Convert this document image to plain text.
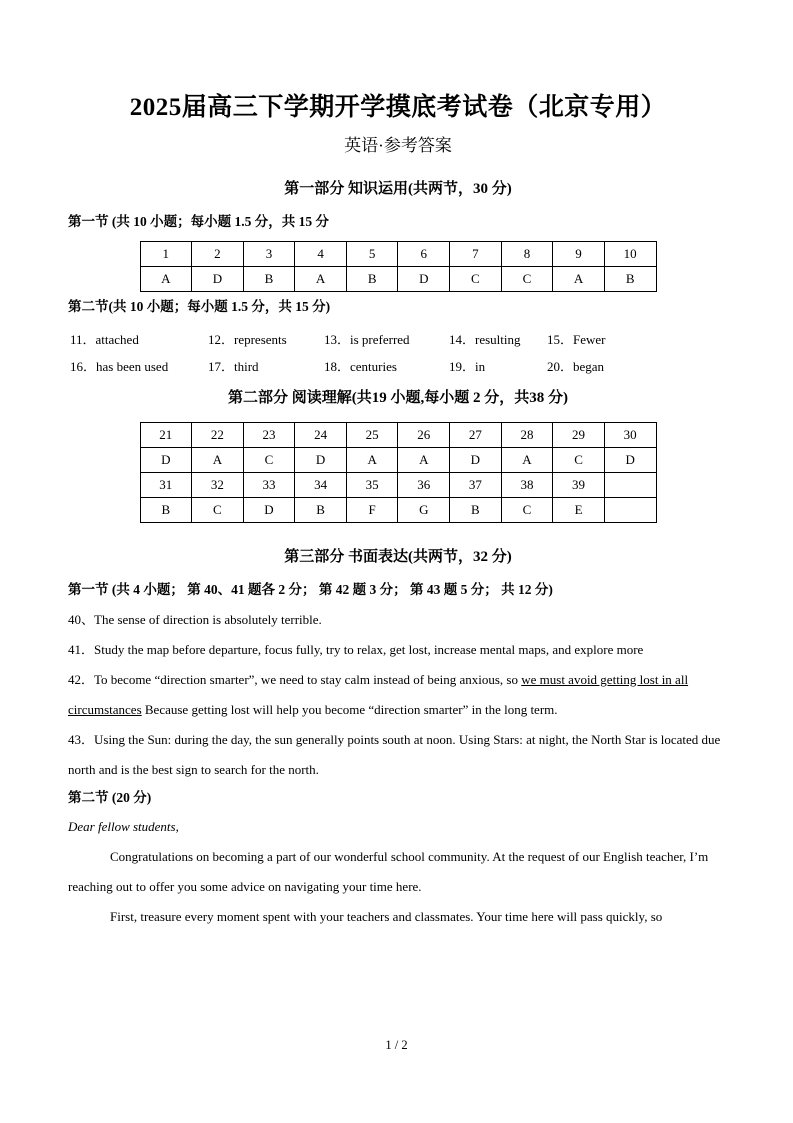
2025届高三下学期开学摸底考试卷（北京专用）
英语·参考答案
第一部分 知识运用(共两节，30 分)
第一节 (共 10 小题；每小题 1.5 分，共 15 分
1	2	3	4	5	6	7	8	9	10
A	D	B	A	B	D	C	C	A	B
第二节(共 10 小题；每小题 1.5 分，共 15 分)
11．attached	12．represents	13．is preferred	14．resulting 15．Fewer
16．has been used	17．third	18．centuries	19．in	20．began
第二部分 阅读理解(共19 小题,每小题 2 分，共38 分)
21	22	23	24	25	26	27	28	29	30
D	A	C	D	A	A	D	A	C	D
31	32	33	34	35	36	37	38	39	
B	C	D	B	F	G	B	C	E	
第三部分 书面表达(共两节，32 分)
第一节 (共 4 小题； 第 40、41 题各 2 分； 第 42 题 3 分； 第 43 题 5 分； 共 12 分)

40、The sense of direction is absolutely terrible.

41．Study the map before departure, focus fully, try to relax, get lost, increase mental maps, and explore more

42．To become “direction smarter”, we need to stay calm instead of being anxious, so we must avoid getting lost in all circumstances Because getting lost will help you become “direction smarter” in the long term.

43．Using the Sun: during the day, the sun generally points south at noon. Using Stars: at night, the North Star is located due north and is the best sign to search for the north.

第二节 (20 分)

Dear fellow students,

Congratulations on becoming a part of our wonderful school community. At the request of our English teacher, I’m reaching out to offer you some advice on navigating your time here.

First, treasure every moment spent with your teachers and classmates. Your time here will pass quickly, so

1 / 2
